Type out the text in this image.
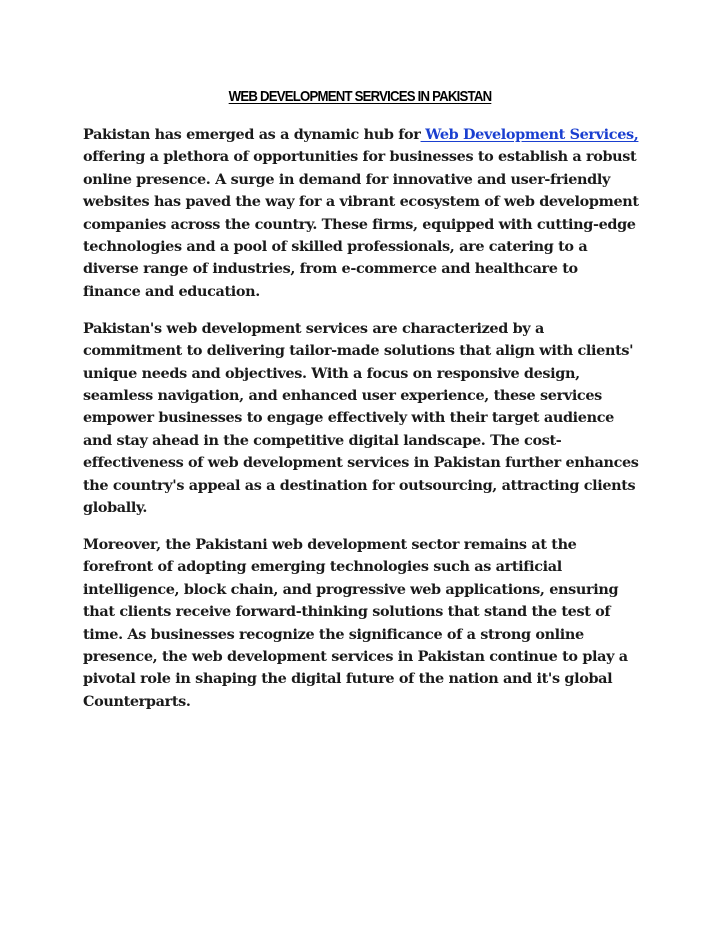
WEB DEVELOPMENT SERVICES IN PAKISTAN

Pakistan has emerged as a dynamic hub for Web Development Services, offering a plethora of opportunities for businesses to establish a robust online presence. A surge in demand for innovative and user-friendly websites has paved the way for a vibrant ecosystem of web development companies across the country. These firms, equipped with cutting-edge technologies and a pool of skilled professionals, are catering to a diverse range of industries, from e-commerce and healthcare to finance and education.

Pakistan's web development services are characterized by a commitment to delivering tailor-made solutions that align with clients' unique needs and objectives. With a focus on responsive design, seamless navigation, and enhanced user experience, these services empower businesses to engage effectively with their target audience and stay ahead in the competitive digital landscape. The cost-effectiveness of web development services in Pakistan further enhances the country's appeal as a destination for outsourcing, attracting clients globally.

Moreover, the Pakistani web development sector remains at the forefront of adopting emerging technologies such as artificial intelligence, block chain, and progressive web applications, ensuring that clients receive forward-thinking solutions that stand the test of time. As businesses recognize the significance of a strong online presence, the web development services in Pakistan continue to play a pivotal role in shaping the digital future of the nation and it's global Counterparts.
